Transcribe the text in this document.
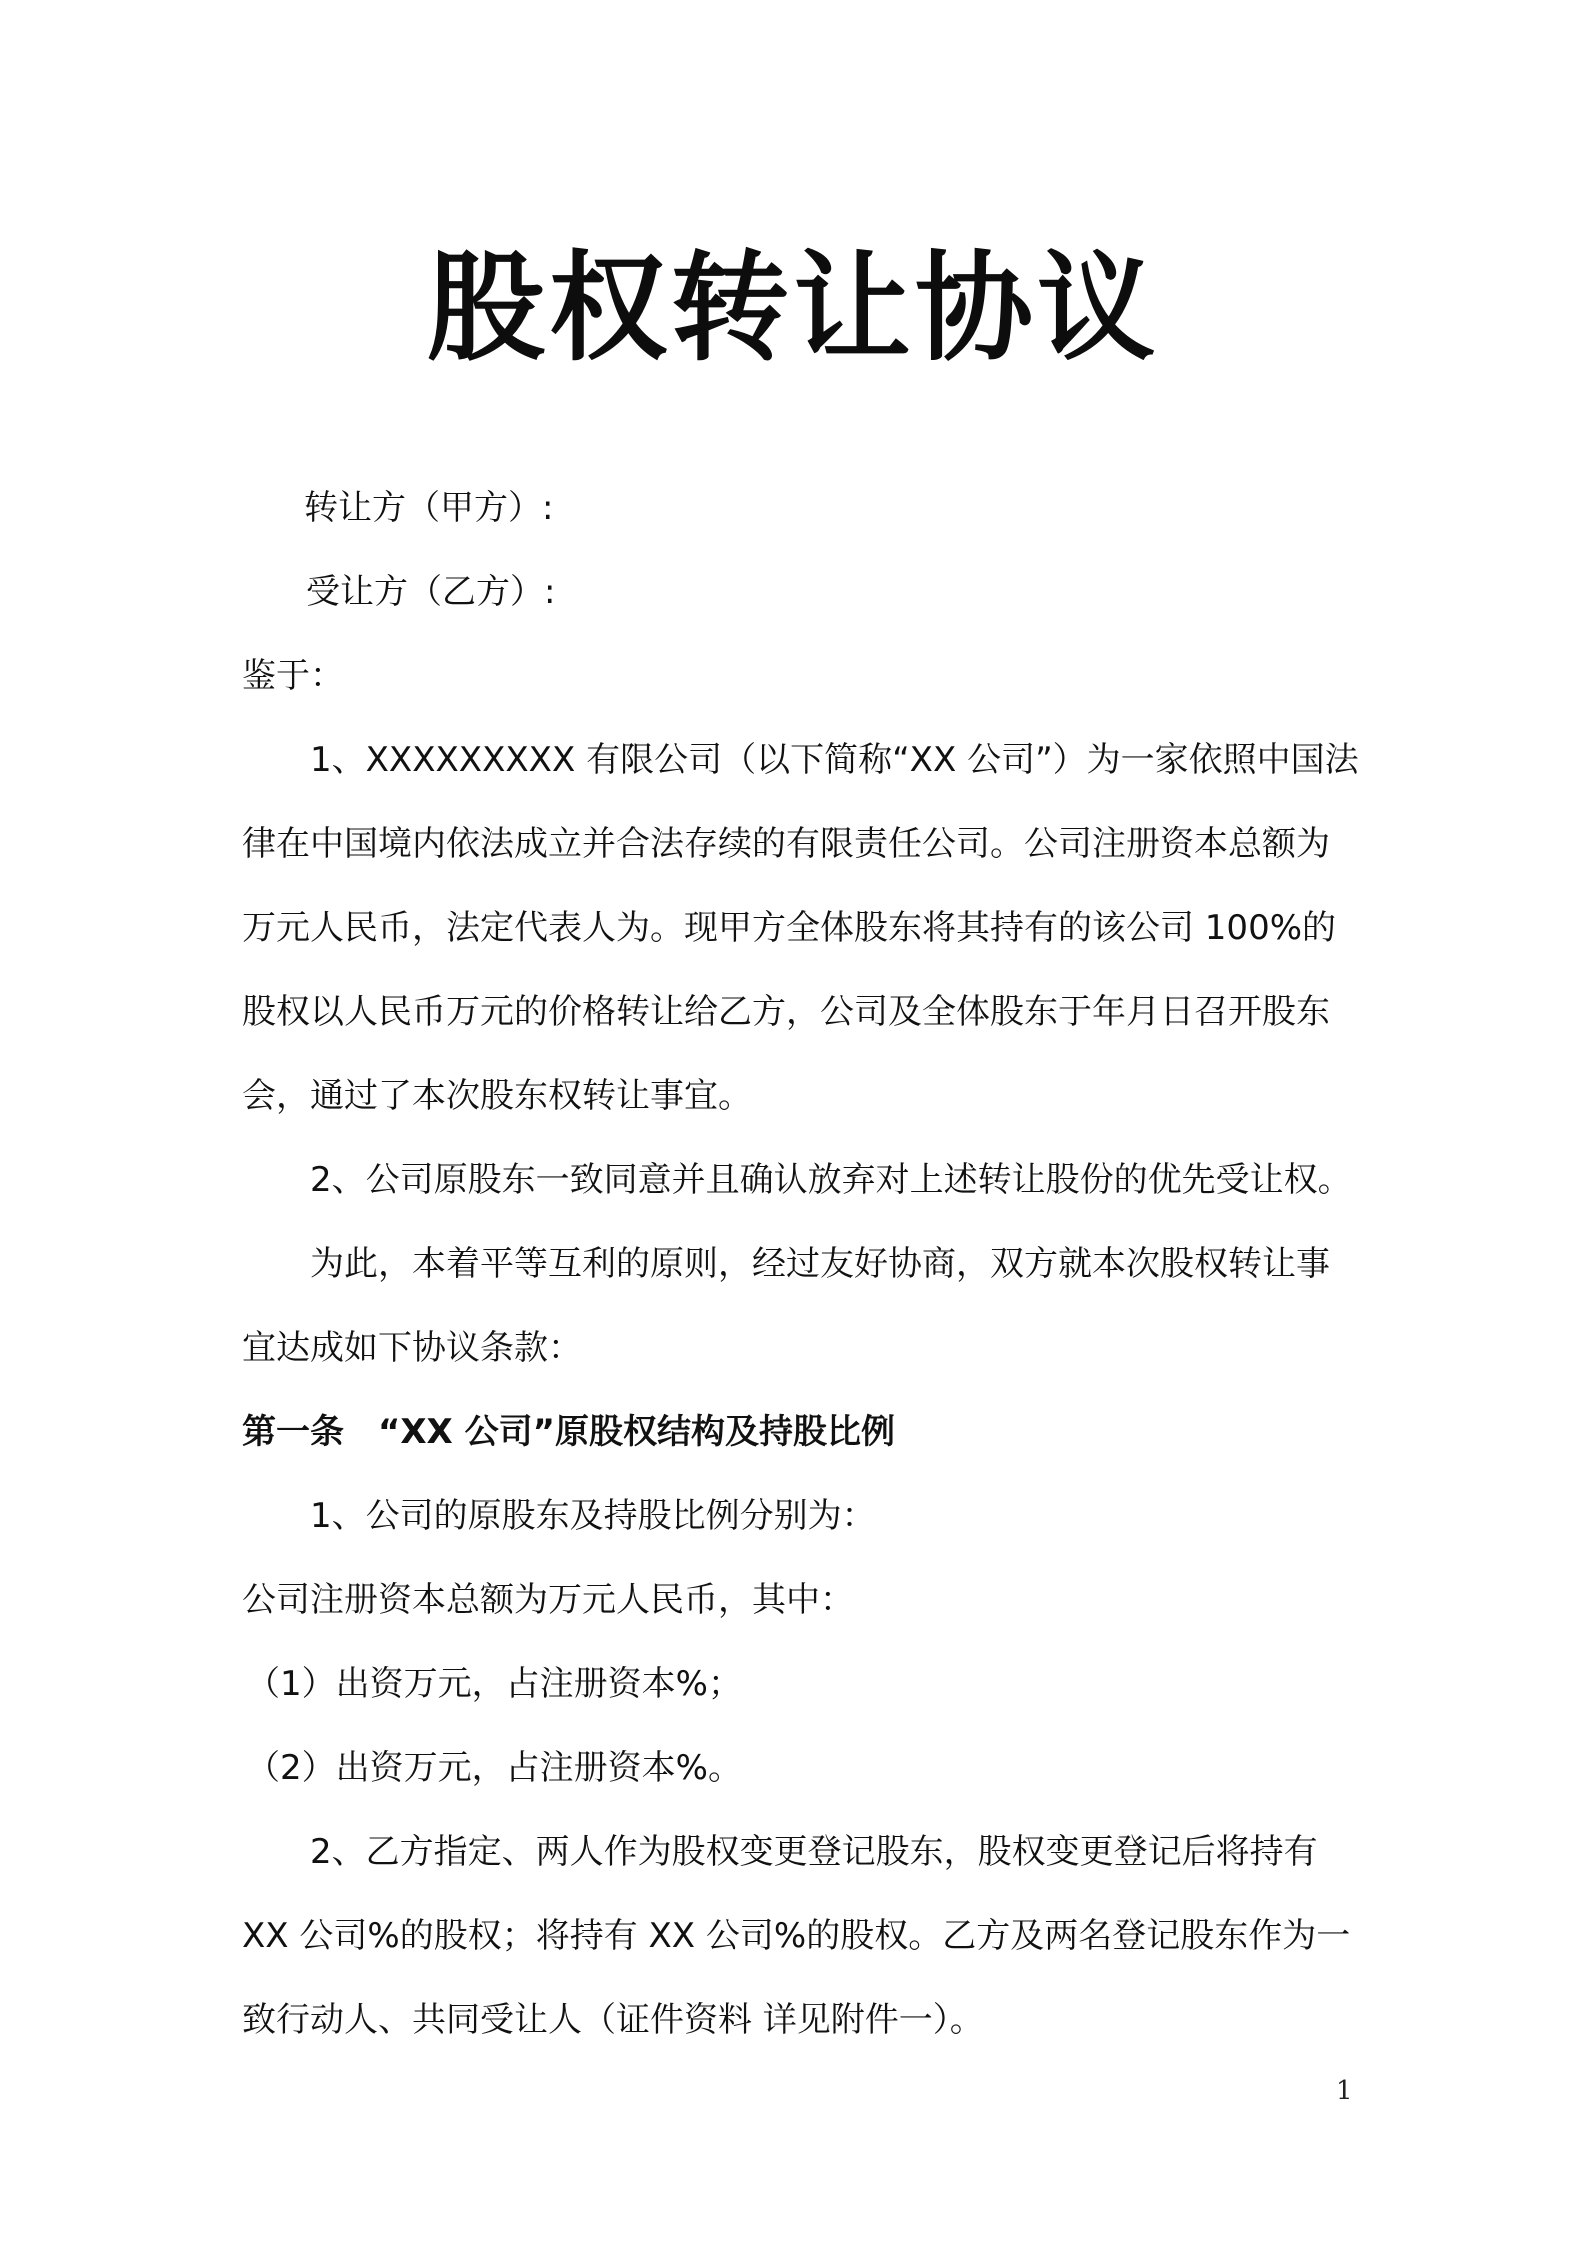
股权转让协议
转让方（甲方）:
受让方（乙方）:
鉴于：
1、XXXXXXXXX 有限公司（以下简称“XX 公司”）为一家依照中国法
律在中国境内依法成立并合法存续的有限责任公司。公司注册资本总额为
万元人民币，法定代表人为。现甲方全体股东将其持有的该公司 100%的
股权以人民币万元的价格转让给乙方，公司及全体股东于年月日召开股东
会，通过了本次股东权转让事宜。
2、公司原股东一致同意并且确认放弃对上述转让股份的优先受让权。
为此，本着平等互利的原则，经过友好协商，双方就本次股权转让事
宜达成如下协议条款：
第一条　“XX 公司”原股权结构及持股比例
1、公司的原股东及持股比例分别为：
公司注册资本总额为万元人民币，其中：
（1）出资万元，占注册资本%；
（2）出资万元，占注册资本%。
2、乙方指定、两人作为股权变更登记股东，股权变更登记后将持有
XX 公司%的股权；将持有 XX 公司%的股权。乙方及两名登记股东作为一
致行动人、共同受让人（证件资料 详见附件一）。
1
